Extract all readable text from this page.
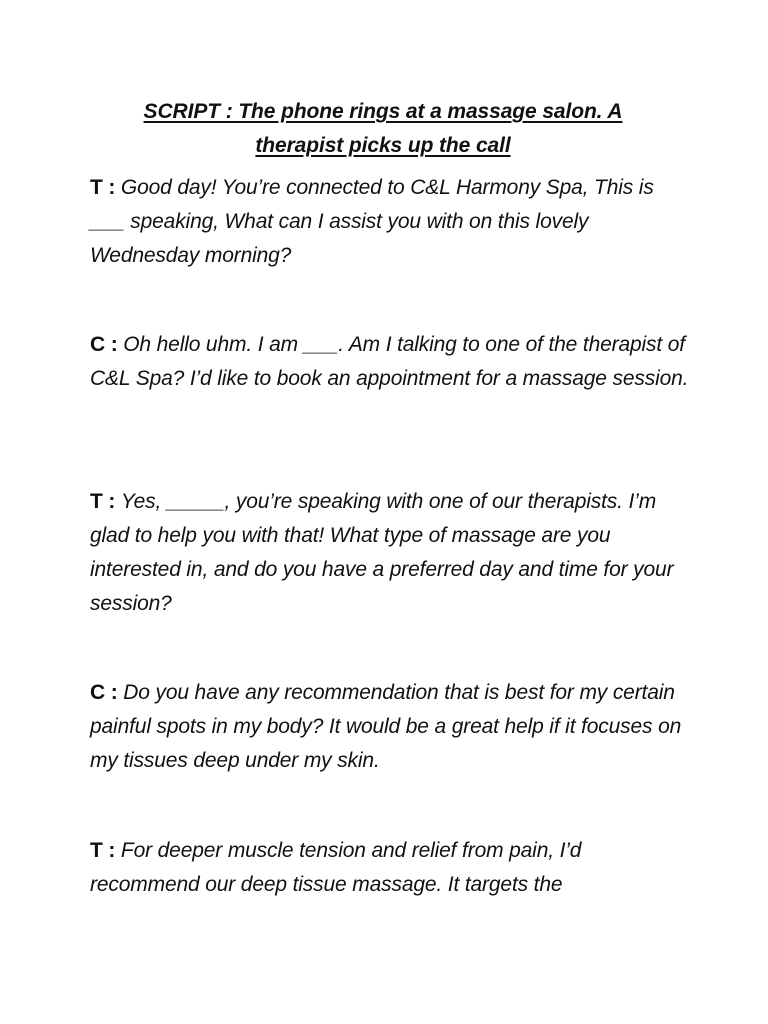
SCRIPT : The phone rings at a massage salon. A therapist picks up the call
T : Good day! You’re connected to C&L Harmony Spa, This is ___ speaking, What can I assist you with on this lovely Wednesday morning?
C : Oh hello uhm. I am ___. Am I talking to one of the therapist of C&L Spa? I’d like to book an appointment for a massage session.
T : Yes, _____, you’re speaking with one of our therapists. I’m glad to help you with that! What type of massage are you interested in, and do you have a preferred day and time for your session?
C : Do you have any recommendation that is best for my certain painful spots in my body? It would be a great help if it focuses on my tissues deep under my skin.
T : For deeper muscle tension and relief from pain, I’d recommend our deep tissue massage. It targets the
